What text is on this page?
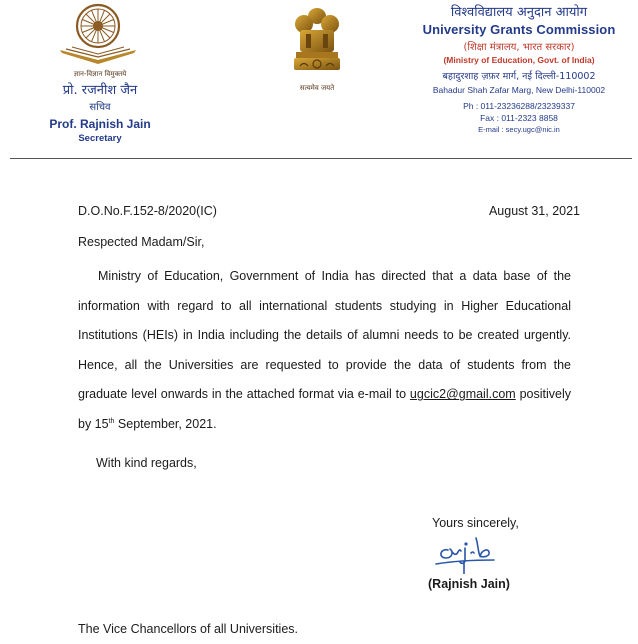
ज्ञान-विज्ञान विमुक्तये
प्रो. रजनीश जैन
सचिव
Prof. Rajnish Jain
Secretary
सत्यमेव जयते
विश्वविद्यालय अनुदान आयोग
University Grants Commission
(शिक्षा मंत्रालय, भारत सरकार)
(Ministry of Education, Govt. of India)
बहादुरशाह ज़फ़र मार्ग, नई दिल्ली-110002
Bahadur Shah Zafar Marg, New Delhi-110002
Ph : 011-23236288/23239337
Fax : 011-2323 8858
E-mail : secy.ugc@nic.in
D.O.No.F.152-8/2020(IC)	August 31, 2021
Respected Madam/Sir,
Ministry of Education, Government of India has directed that a data base of the information with regard to all international students studying in Higher Educational Institutions (HEIs) in India including the details of alumni needs to be created urgently. Hence, all the Universities are requested to provide the data of students from the graduate level onwards in the attached format via e-mail to ugcic2@gmail.com positively by 15th September, 2021.
With kind regards,
Yours sincerely,
(Rajnish Jain)
The Vice Chancellors of all Universities.
